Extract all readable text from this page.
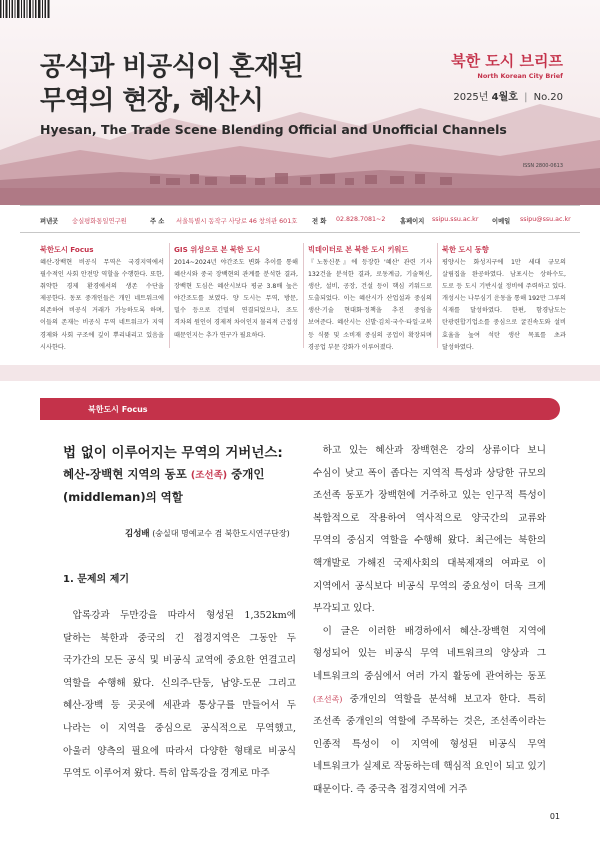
공식과 비공식이 혼재된
무역의 현장, 혜산시
Hyesan, The Trade Scene Blending Official and Unofficial Channels
북한 도시 브리프
North Korean City Brief
2025년 4월호 | No.20
ISSN 2800-0613
펴낸곳 숭실평화통일연구원	주 소 서울특별시 동작구 사당로 46 창의관 601호 전 화 02.828.7081~2 홈페이지 ssipu.ssu.ac.kr 이메일 ssipu@ssu.ac.kr
북한도시 Focus
혜산-장백현 비공식 무역은 국경지역에서 필수적인 사회 안전망 역할을 수행한다. 또한, 취약한 경제 환경에서의 생존 수단을 제공한다. 동포 중개인들은 개인 네트워크에 의존하여 비공식 거래가 가능하도록 하며, 이들의 존재는 비공식 무역 네트워크가 지역 경제와 사회 구조에 깊이 뿌리내리고 있음을 시사한다.
GIS 위성으로 본 북한 도시
2014~2024년 야간조도 변화 추이를 통해 혜산시와 중국 장백현의 관계를 분석한 결과, 장백현 도심은 혜산시보다 평균 3.8배 높은 야간조도를 보였다. 양 도시는 무역, 방문, 밀수 등으로 긴밀히 연결되었으나, 조도 격차의 원인이 경제적 차이인지 물리적 근접성 때문인지는 추가 연구가 필요하다.
빅데이터로 본 북한 도시 키워드
『노동신문』에 등장한 '혜산' 관련 기사 132건을 분석한 결과, 로동계급, 기술혁신, 생산, 설비, 공장, 건설 등이 핵심 키워드로 도출되었다. 이는 혜산시가 산업설과 중심의 생산·기술 현대화·정책을 추진 중임을 보여준다. 혜산시는 신발·김치·국수·타일·교복 등 식품 및 소비재 중심의 공업이 확장되며 경공업 부문 강화가 이루어졌다.
북한 도시 동향
평양시는 화성지구에 1만 세대 규모의 살림집을 완공하였다. 남포시는 상하수도, 도로 등 도시 기반시설 정비에 주력하고 있다. 개성시는 나무심기 운동을 통해 192만 그루의 식재를 달성하였다. 한편, 함경남도는 탄광련합기업소를 중심으로 굴진속도와 설비 효율을 높여 석탄 생산 목표를 초과 달성하였다.
북한도시 Focus
법 없이 이루어지는 무역의 거버넌스:
혜산-장백현 지역의 동포 (조선족) 중개인
(middleman)의 역할
김성배 (숭실대 명예교수 겸 북한도시연구단장)
1. 문제의 제기

압록강과 두만강을 따라서 형성된 1,352km에 달하는 북한과 중국의 긴 접경지역은 그동안 두 국가간의 모든 공식 및 비공식 교역에 중요한 연결고리 역할을 수행해 왔다. 신의주-단둥, 남양-도문 그리고 혜산-장백 등 곳곳에 세관과 통상구를 만들어서 두 나라는 이 지역을 중심으로 공식적으로 무역했고, 아울러 양측의 필요에 따라서 다양한 형태로 비공식 무역도 이루어져 왔다. 특히 압록강을 경계로 마주

하고 있는 혜산과 장백현은 강의 상류이다 보니 수심이 낮고 폭이 좁다는 지역적 특성과 상당한 규모의 조선족 동포가 장백현에 거주하고 있는 인구적 특성이 복합적으로 작용하여 역사적으로 양국간의 교류와 무역의 중심지 역할을 수행해 왔다. 최근에는 북한의 핵개발로 가해진 국제사회의 대북제재의 여파로 이 지역에서 공식보다 비공식 무역의 중요성이 더욱 크게 부각되고 있다.

이 글은 이러한 배경하에서 혜산-장백현 지역에 형성되어 있는 비공식 무역 네트워크의 양상과 그 네트워크의 중심에서 여러 가지 활동에 관여하는 동포 (조선족) 중개인의 역할을 분석해 보고자 한다. 특히 조선족 중개인의 역할에 주목하는 것은, 조선족이라는 인종적 특성이 이 지역에 형성된 비공식 무역 네트워크가 실제로 작동하는데 핵심적 요인이 되고 있기 때문이다. 즉 중국측 접경지역에 거주

01
